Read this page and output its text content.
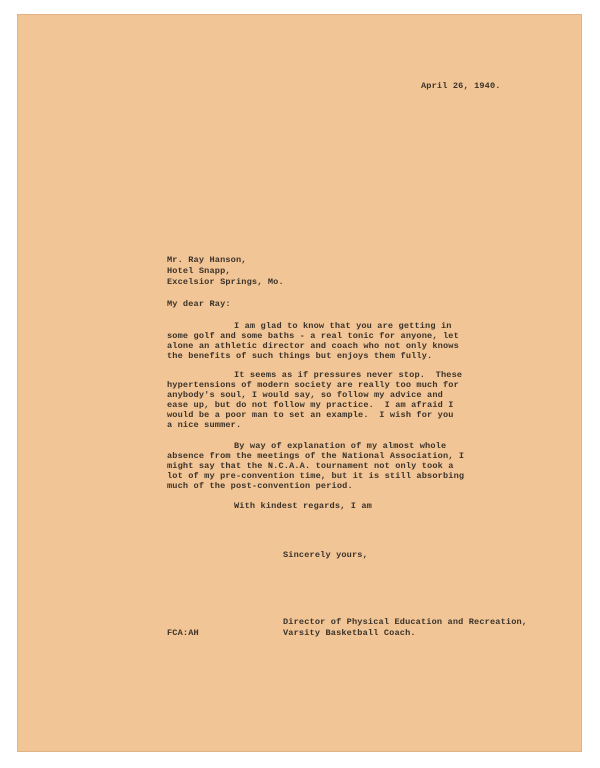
April 26, 1940.
Mr. Ray Hanson,
Hotel Snapp,
Excelsior Springs, Mo.
My dear Ray:
I am glad to know that you are getting in
some golf and some baths - a real tonic for anyone, let
alone an athletic director and coach who not only knows
the benefits of such things but enjoys them fully.
It seems as if pressures never stop.  These
hypertensions of modern society are really too much for
anybody's soul, I would say, so follow my advice and
ease up, but do not follow my practice.  I am afraid I
would be a poor man to set an example.  I wish for you
a nice summer.
By way of explanation of my almost whole
absence from the meetings of the National Association, I
might say that the N.C.A.A. tournament not only took a
lot of my pre-convention time, but it is still absorbing
much of the post-convention period.
With kindest regards, I am
Sincerely yours,
Director of Physical Education and Recreation,
Varsity Basketball Coach.
FCA:AH
